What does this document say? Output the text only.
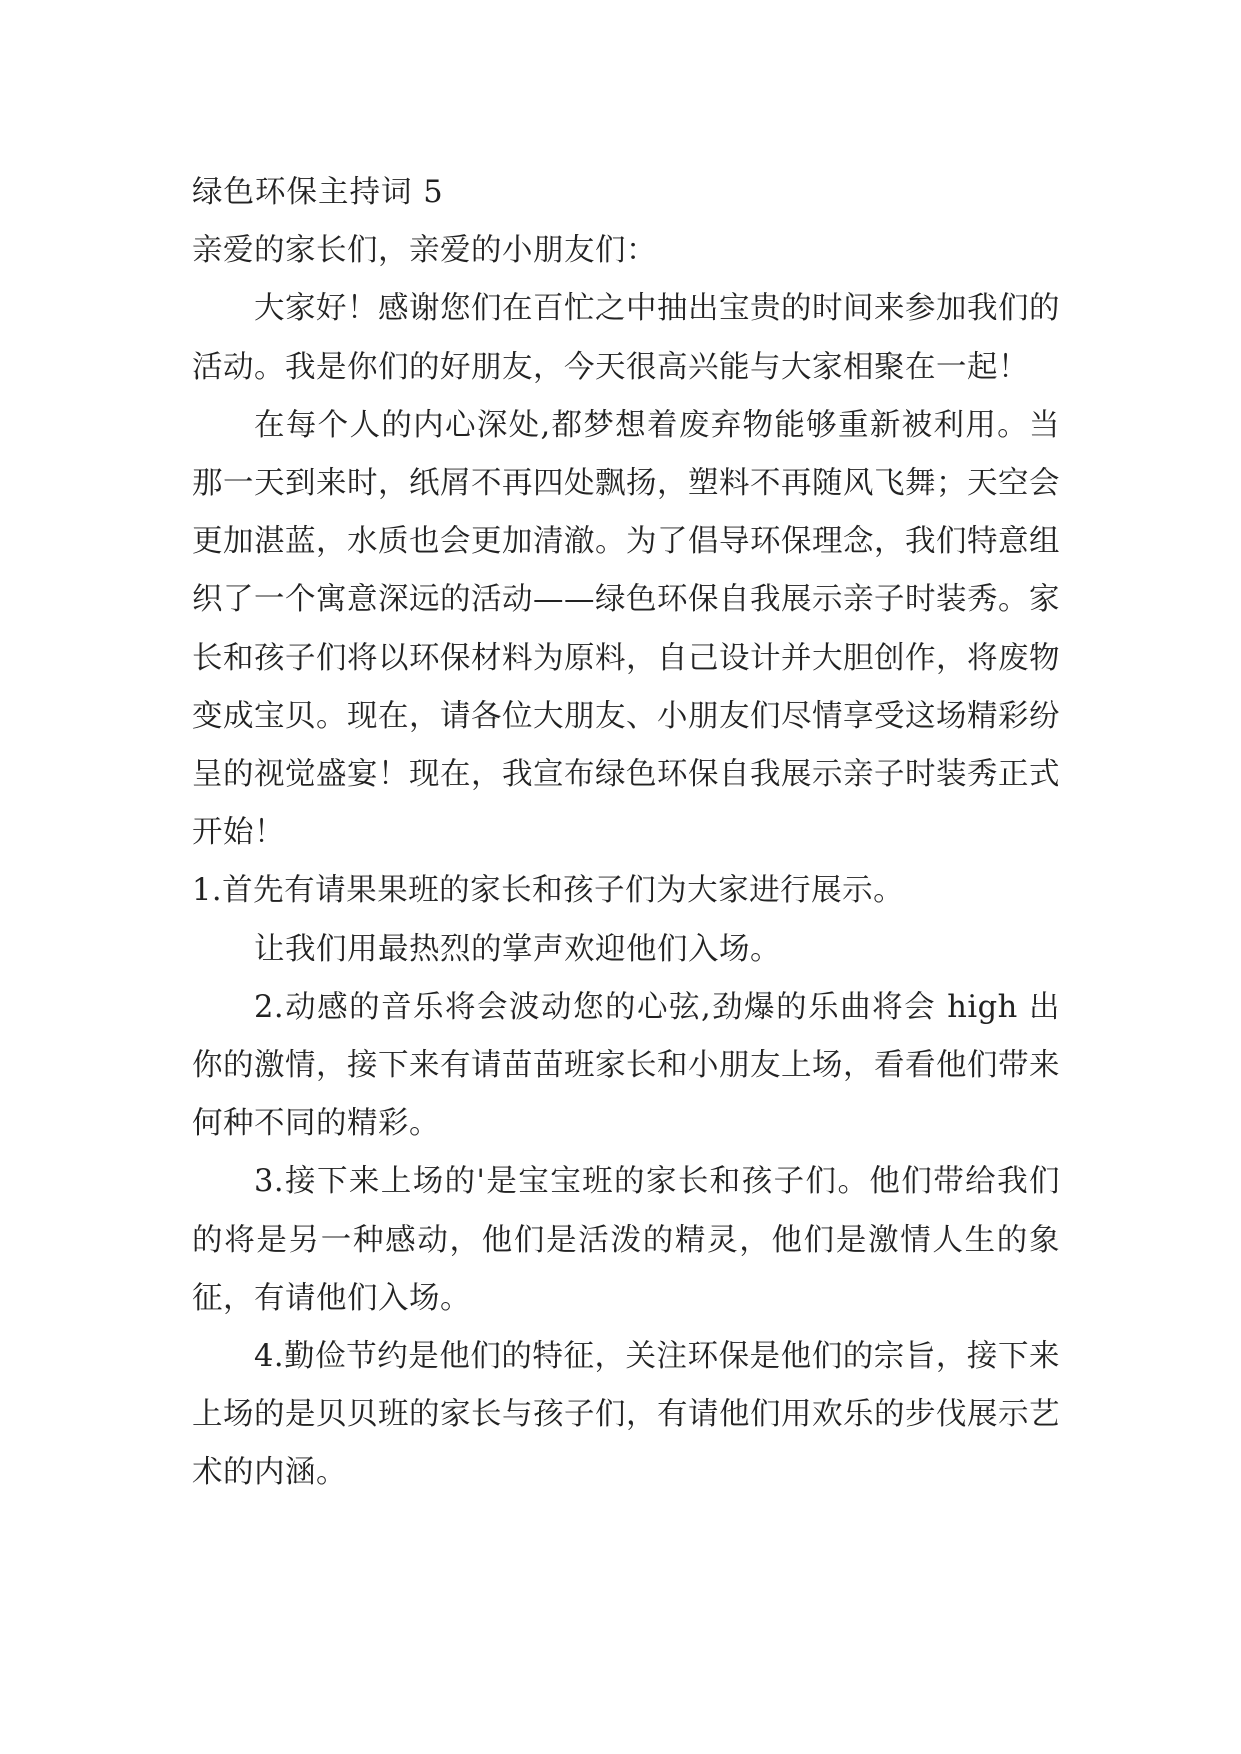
绿色环保主持词 5

亲爱的家长们，亲爱的小朋友们：

大家好！感谢您们在百忙之中抽出宝贵的时间来参加我们的活动。我是你们的好朋友，今天很高兴能与大家相聚在一起！

在每个人的内心深处,都梦想着废弃物能够重新被利用。当那一天到来时，纸屑不再四处飘扬，塑料不再随风飞舞；天空会更加湛蓝，水质也会更加清澈。为了倡导环保理念，我们特意组织了一个寓意深远的活动——绿色环保自我展示亲子时装秀。家长和孩子们将以环保材料为原料，自己设计并大胆创作，将废物变成宝贝。现在，请各位大朋友、小朋友们尽情享受这场精彩纷呈的视觉盛宴！现在，我宣布绿色环保自我展示亲子时装秀正式开始！

1.首先有请果果班的家长和孩子们为大家进行展示。

让我们用最热烈的掌声欢迎他们入场。

2.动感的音乐将会波动您的心弦,劲爆的乐曲将会 high 出你的激情，接下来有请苗苗班家长和小朋友上场，看看他们带来何种不同的精彩。

3.接下来上场的'是宝宝班的家长和孩子们。他们带给我们的将是另一种感动，他们是活泼的精灵，他们是激情人生的象征，有请他们入场。

4.勤俭节约是他们的特征，关注环保是他们的宗旨，接下来上场的是贝贝班的家长与孩子们，有请他们用欢乐的步伐展示艺术的内涵。
